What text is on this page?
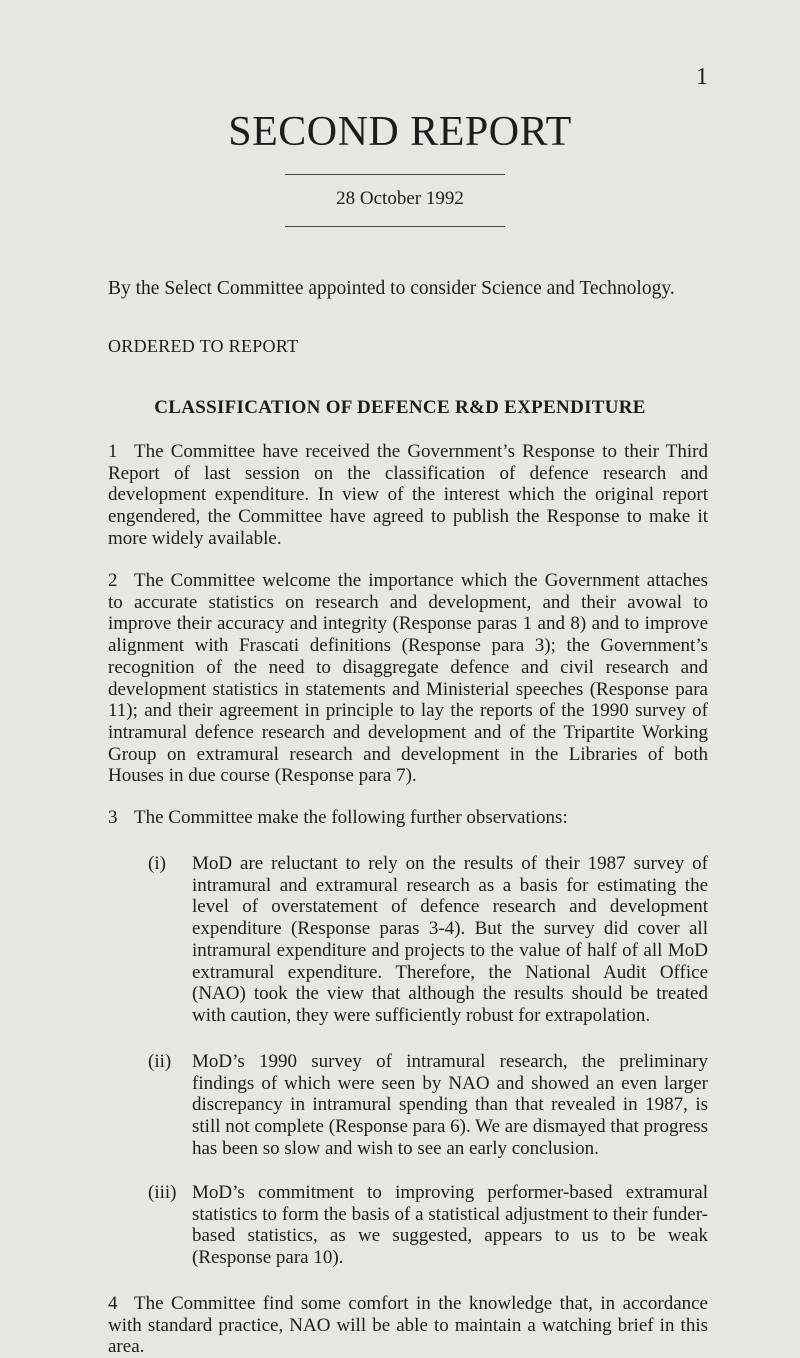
1
SECOND REPORT
28 October 1992
By the Select Committee appointed to consider Science and Technology.
ORDERED TO REPORT
CLASSIFICATION OF DEFENCE R&D EXPENDITURE
1 The Committee have received the Government’s Response to their Third Report of last session on the classification of defence research and development expenditure. In view of the interest which the original report engendered, the Committee have agreed to publish the Response to make it more widely available.
2 The Committee welcome the importance which the Government attaches to accurate statistics on research and development, and their avowal to improve their accuracy and integrity (Response paras 1 and 8) and to improve alignment with Frascati definitions (Response para 3); the Government’s recognition of the need to disaggregate defence and civil research and development statistics in statements and Ministerial speeches (Response para 11); and their agreement in principle to lay the reports of the 1990 survey of intramural defence research and development and of the Tripartite Working Group on extramural research and development in the Libraries of both Houses in due course (Response para 7).
3 The Committee make the following further observations:
(i)	MoD are reluctant to rely on the results of their 1987 survey of intramural and extramural research as a basis for estimating the level of overstatement of defence research and development expenditure (Response paras 3-4). But the survey did cover all intramural expenditure and projects to the value of half of all MoD extramural expenditure. Therefore, the National Audit Office (NAO) took the view that although the results should be treated with caution, they were sufficiently robust for extrapolation.
(ii)	MoD’s 1990 survey of intramural research, the preliminary findings of which were seen by NAO and showed an even larger discrepancy in intramural spending than that revealed in 1987, is still not complete (Response para 6). We are dismayed that progress has been so slow and wish to see an early conclusion.
(iii) MoD’s commitment to improving performer-based extramural statistics to form the basis of a statistical adjustment to their funder-based statistics, as we suggested, appears to us to be weak (Response para 10).
4 The Committee find some comfort in the knowledge that, in accordance with standard practice, NAO will be able to maintain a watching brief in this area.
